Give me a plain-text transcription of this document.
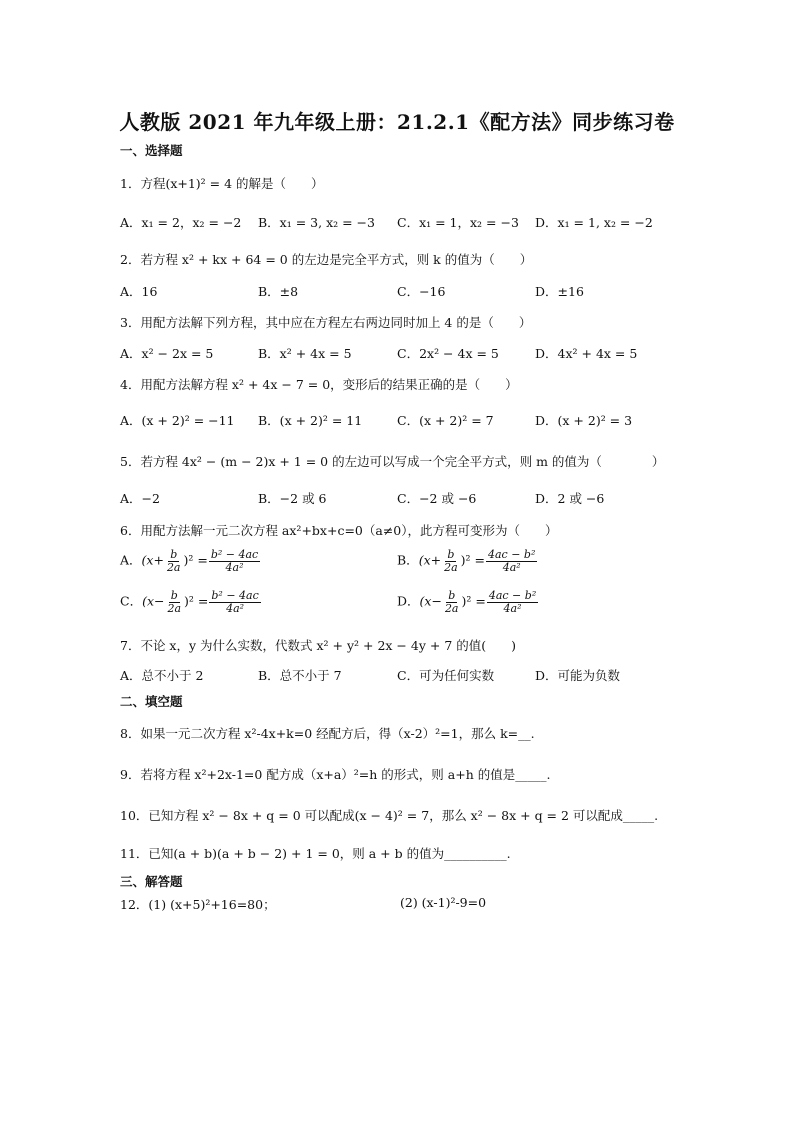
人教版 2021 年九年级上册：21.2.1《配方法》同步练习卷
一、选择题
1．方程(x+1)² = 4 的解是（　　）
A．x₁ = 2，x₂ = −2 B．x₁ = 3, x₂ = −3 C．x₁ = 1，x₂ = −3 D．x₁ = 1, x₂ = −2
2．若方程 x² + kx + 64 = 0 的左边是完全平方式，则 k 的值为（　　）
A．16	B．±8	C．−16	D．±16
3．用配方法解下列方程，其中应在方程左右两边同时加上 4 的是（　　）
A．x² − 2x = 5	B．x² + 4x = 5	C．2x² − 4x = 5	D．4x² + 4x = 5
4．用配方法解方程 x² + 4x − 7 = 0，变形后的结果正确的是（　　）
A．(x + 2)² = −11 B．(x + 2)² = 11	C．(x + 2)² = 7	D．(x + 2)² = 3
5．若方程 4x² − (m − 2)x + 1 = 0 的左边可以写成一个完全平方式，则 m 的值为（　　　　）
A．−2	B．−2 或 6	C．−2 或 −6	D．2 或 −6
6．用配方法解一元二次方程 ax²+bx+c=0（a≠0），此方程可变形为（　　）
A．$(x+ \frac{b}{2a} )^2 = \frac{\text{b² − 4ac}}{\text{4a²}}$	B．$(x+ \frac{b}{2a} )^2 = \frac{\text{4ac − b²}}{\text{4a²}}$
C．$(x- \frac{b}{2a} )^2 = \frac{\text{b² − 4ac}}{\text{4a²}}$	D．$(x- \frac{b}{2a} )^2 = \frac{\text{4ac − b²}}{\text{4a²}}$
7．不论 x，y 为什么实数，代数式 x² + y² + 2x − 4y + 7 的值(　　)
A．总不小于 2	B．总不小于 7	C．可为任何实数	D．可能为负数
二、填空题
8．如果一元二次方程 x²-4x+k=0 经配方后，得（x-2）²=1，那么 k=__.
9．若将方程 x²+2x-1=0 配方成（x+a）²=h 的形式，则 a+h 的值是_____.
10．已知方程 x² − 8x + q = 0 可以配成(x − 4)² = 7，那么 x² − 8x + q = 2 可以配成_____.
11．已知(a + b)(a + b − 2) + 1 = 0，则 a + b 的值为__________.
三、解答题
12．(1) (x+5)²+16=80；	(2) (x-1)²-9=0
